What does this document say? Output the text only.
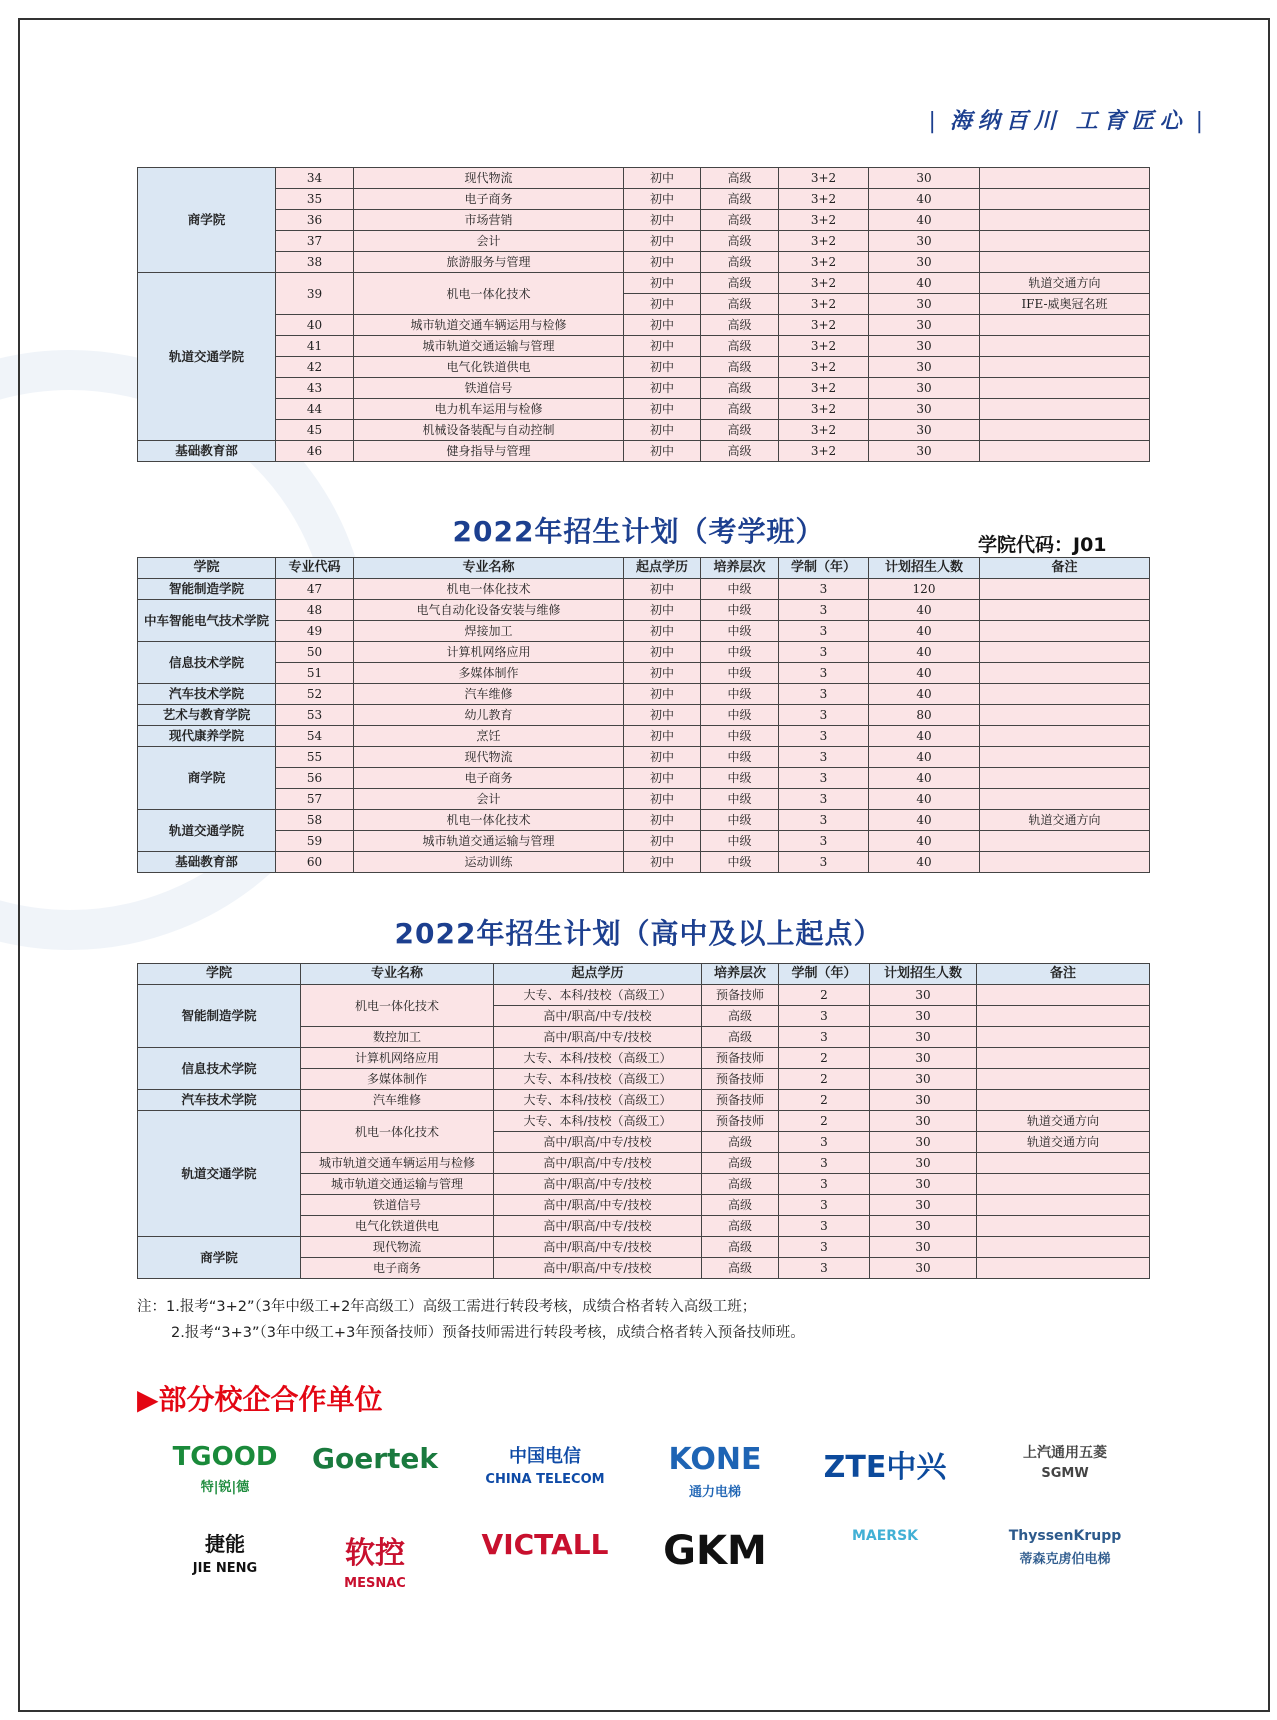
| 海纳百川 工育匠心 |
商学院	34	现代物流	初中	高级	3+2	30	
	35	电子商务	初中	高级	3+2	40	
	36	市场营销	初中	高级	3+2	40	
	37	会计	初中	高级	3+2	30	
	38	旅游服务与管理	初中	高级	3+2	30	
轨道交通学院	39	机电一体化技术	初中	高级	3+2	40	轨道交通方向
			初中	高级	3+2	30	IFE-威奥冠名班
	40	城市轨道交通车辆运用与检修	初中	高级	3+2	30	
	41	城市轨道交通运输与管理	初中	高级	3+2	30	
	42	电气化铁道供电	初中	高级	3+2	30	
	43	铁道信号	初中	高级	3+2	30	
	44	电力机车运用与检修	初中	高级	3+2	30	
	45	机械设备装配与自动控制	初中	高级	3+2	30	
基础教育部	46	健身指导与管理	初中	高级	3+2	30	
2022年招生计划（考学班）	学院代码：J01
学院	专业代码	专业名称	起点学历	培养层次	学制（年）	计划招生人数	备注
智能制造学院	47	机电一体化技术	初中	中级	3	120	
中车智能电气技术学院	48	电气自动化设备安装与维修	初中	中级	3	40	
	49	焊接加工	初中	中级	3	40	
信息技术学院	50	计算机网络应用	初中	中级	3	40	
	51	多媒体制作	初中	中级	3	40	
汽车技术学院	52	汽车维修	初中	中级	3	40	
艺术与教育学院	53	幼儿教育	初中	中级	3	80	
现代康养学院	54	烹饪	初中	中级	3	40	
商学院	55	现代物流	初中	中级	3	40	
	56	电子商务	初中	中级	3	40	
	57	会计	初中	中级	3	40	
轨道交通学院	58	机电一体化技术	初中	中级	3	40	轨道交通方向
	59	城市轨道交通运输与管理	初中	中级	3	40	
基础教育部	60	运动训练	初中	中级	3	40	
2022年招生计划（高中及以上起点）
学院	专业名称	起点学历	培养层次	学制（年）	计划招生人数	备注
智能制造学院	机电一体化技术	大专、本科/技校（高级工）	预备技师	2	30	
		高中/职高/中专/技校	高级	3	30	
	数控加工	高中/职高/中专/技校	高级	3	30	
信息技术学院	计算机网络应用	大专、本科/技校（高级工）	预备技师	2	30	
	多媒体制作	大专、本科/技校（高级工）	预备技师	2	30	
汽车技术学院	汽车维修	大专、本科/技校（高级工）	预备技师	2	30	
轨道交通学院	机电一体化技术	大专、本科/技校（高级工）	预备技师	2	30	轨道交通方向
		高中/职高/中专/技校	高级	3	30	轨道交通方向
	城市轨道交通车辆运用与检修	高中/职高/中专/技校	高级	3	30	
	城市轨道交通运输与管理	高中/职高/中专/技校	高级	3	30	
	铁道信号	高中/职高/中专/技校	高级	3	30	
	电气化铁道供电	高中/职高/中专/技校	高级	3	30	
商学院	现代物流	高中/职高/中专/技校	高级	3	30	
	电子商务	高中/职高/中专/技校	高级	3	30	
注：1.报考“3+2”（3年中级工+2年高级工）高级工需进行转段考核，成绩合格者转入高级工班；
2.报考“3+3”（3年中级工+3年预备技师）预备技师需进行转段考核，成绩合格者转入预备技师班。
▶部分校企合作单位
TGOOD
特|锐|德
Goertek	中国电信
CHINA TELECOM
KONE
通力电梯
ZTE中兴	上汽通用五菱
SGMW
捷能
JIE NENG	软控
MESNAC
VICTALL	GKM	MAERSK	ThyssenKrupp
蒂森克虏伯电梯
